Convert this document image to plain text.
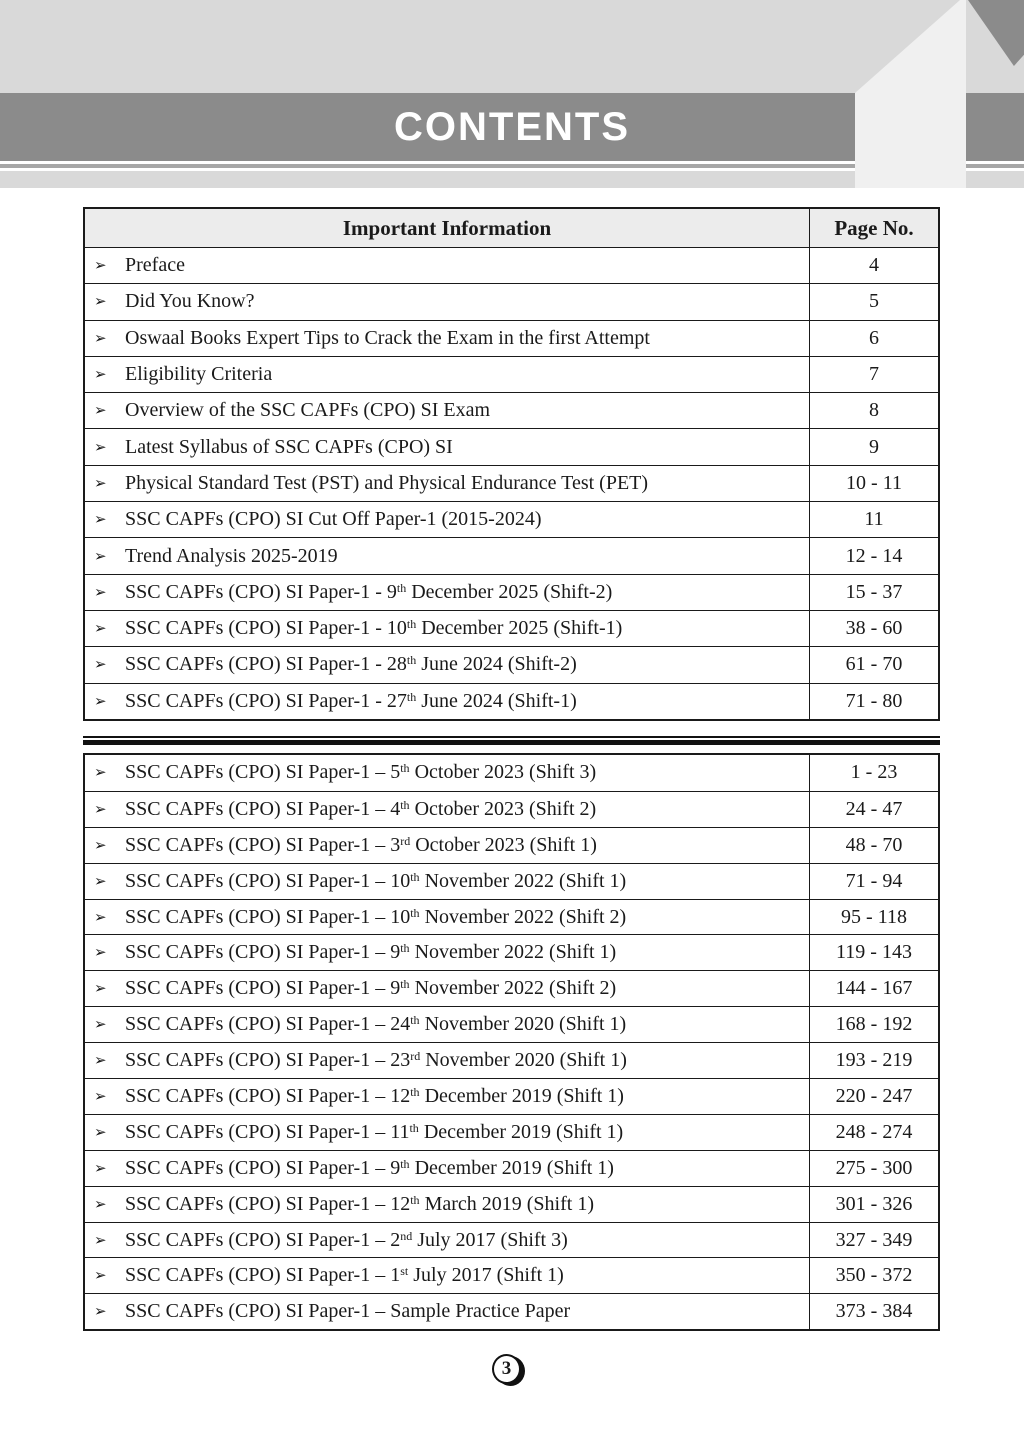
CONTENTS
Important Information	Page No.
➢ Preface	4
➢ Did You Know?	5
➢ Oswaal Books Expert Tips to Crack the Exam in the first Attempt	6
➢ Eligibility Criteria	7
➢ Overview of the SSC CAPFs (CPO) SI Exam	8
➢ Latest Syllabus of SSC CAPFs (CPO) SI	9
➢ Physical Standard Test (PST) and Physical Endurance Test (PET)	10 - 11
➢ SSC CAPFs (CPO) SI Cut Off Paper-1 (2015-2024)	11
➢ Trend Analysis 2025-2019	12 - 14
➢ SSC CAPFs (CPO) SI Paper-1 - 9th December 2025 (Shift-2)	15 - 37
➢ SSC CAPFs (CPO) SI Paper-1 - 10th December 2025 (Shift-1)	38 - 60
➢ SSC CAPFs (CPO) SI Paper-1 - 28th June 2024 (Shift-2)	61 - 70
➢ SSC CAPFs (CPO) SI Paper-1 - 27th June 2024 (Shift-1)	71 - 80
➢ SSC CAPFs (CPO) SI Paper-1 – 5th October 2023 (Shift 3)	1 - 23
➢ SSC CAPFs (CPO) SI Paper-1 – 4th October 2023 (Shift 2)	24 - 47
➢ SSC CAPFs (CPO) SI Paper-1 – 3rd October 2023 (Shift 1)	48 - 70
➢ SSC CAPFs (CPO) SI Paper-1 – 10th November 2022 (Shift 1)	71 - 94
➢ SSC CAPFs (CPO) SI Paper-1 – 10th November 2022 (Shift 2)	95 - 118
➢ SSC CAPFs (CPO) SI Paper-1 – 9th November 2022 (Shift 1)	119 - 143
➢ SSC CAPFs (CPO) SI Paper-1 – 9th November 2022 (Shift 2)	144 - 167
➢ SSC CAPFs (CPO) SI Paper-1 – 24th November 2020 (Shift 1)	168 - 192
➢ SSC CAPFs (CPO) SI Paper-1 – 23rd November 2020 (Shift 1)	193 - 219
➢ SSC CAPFs (CPO) SI Paper-1 – 12th December 2019 (Shift 1)	220 - 247
➢ SSC CAPFs (CPO) SI Paper-1 – 11th December 2019 (Shift 1)	248 - 274
➢ SSC CAPFs (CPO) SI Paper-1 – 9th December 2019 (Shift 1)	275 - 300
➢ SSC CAPFs (CPO) SI Paper-1 – 12th March 2019 (Shift 1)	301 - 326
➢ SSC CAPFs (CPO) SI Paper-1 – 2nd July 2017 (Shift 3)	327 - 349
➢ SSC CAPFs (CPO) SI Paper-1 – 1st July 2017 (Shift 1)	350 - 372
➢ SSC CAPFs (CPO) SI Paper-1 – Sample Practice Paper	373 - 384
3
